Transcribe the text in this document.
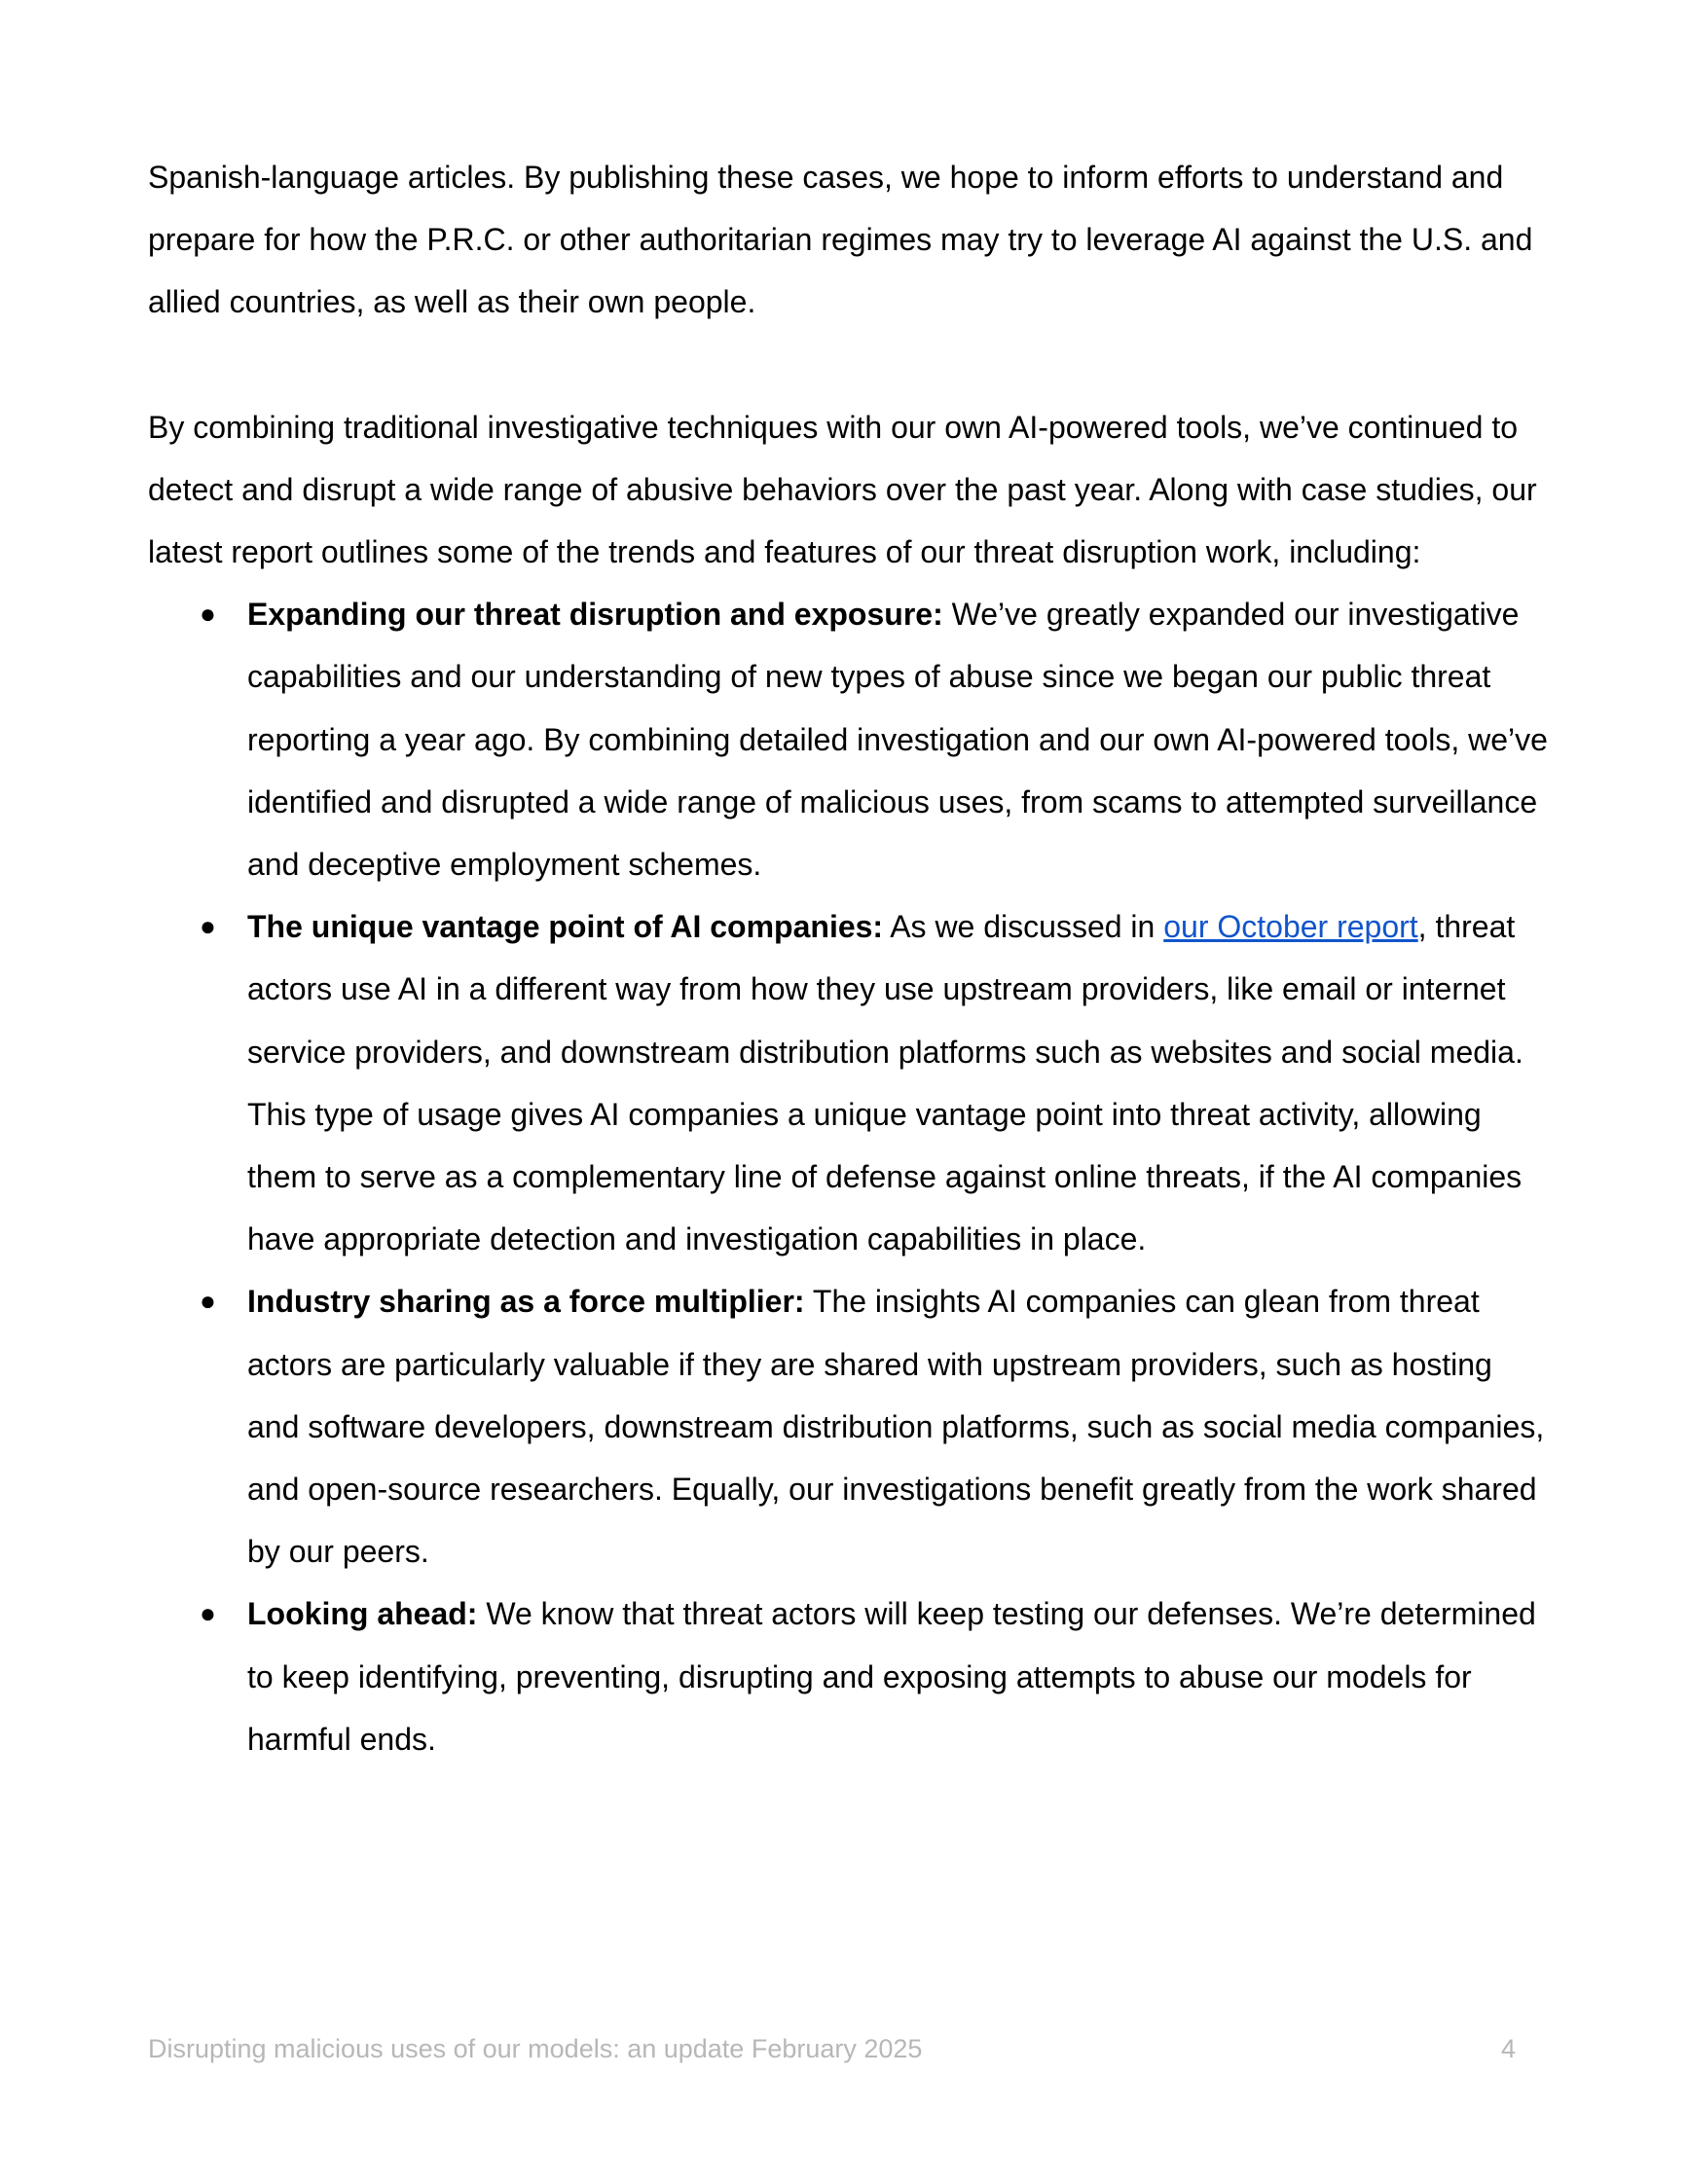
Spanish-language articles. By publishing these cases, we hope to inform efforts to understand and prepare for how the P.R.C. or other authoritarian regimes may try to leverage AI against the U.S. and allied countries, as well as their own people.

By combining traditional investigative techniques with our own AI-powered tools, we’ve continued to detect and disrupt a wide range of abusive behaviors over the past year. Along with case studies, our latest report outlines some of the trends and features of our threat disruption work, including:

● Expanding our threat disruption and exposure: We’ve greatly expanded our investigative capabilities and our understanding of new types of abuse since we began our public threat reporting a year ago. By combining detailed investigation and our own AI-powered tools, we’ve identified and disrupted a wide range of malicious uses, from scams to attempted surveillance and deceptive employment schemes.
● The unique vantage point of AI companies: As we discussed in our October report, threat actors use AI in a different way from how they use upstream providers, like email or internet service providers, and downstream distribution platforms such as websites and social media. This type of usage gives AI companies a unique vantage point into threat activity, allowing them to serve as a complementary line of defense against online threats, if the AI companies have appropriate detection and investigation capabilities in place.
● Industry sharing as a force multiplier: The insights AI companies can glean from threat actors are particularly valuable if they are shared with upstream providers, such as hosting and software developers, downstream distribution platforms, such as social media companies, and open-source researchers. Equally, our investigations benefit greatly from the work shared by our peers.
● Looking ahead: We know that threat actors will keep testing our defenses. We’re determined to keep identifying, preventing, disrupting and exposing attempts to abuse our models for harmful ends.
Disrupting malicious uses of our models: an update February 2025	4
